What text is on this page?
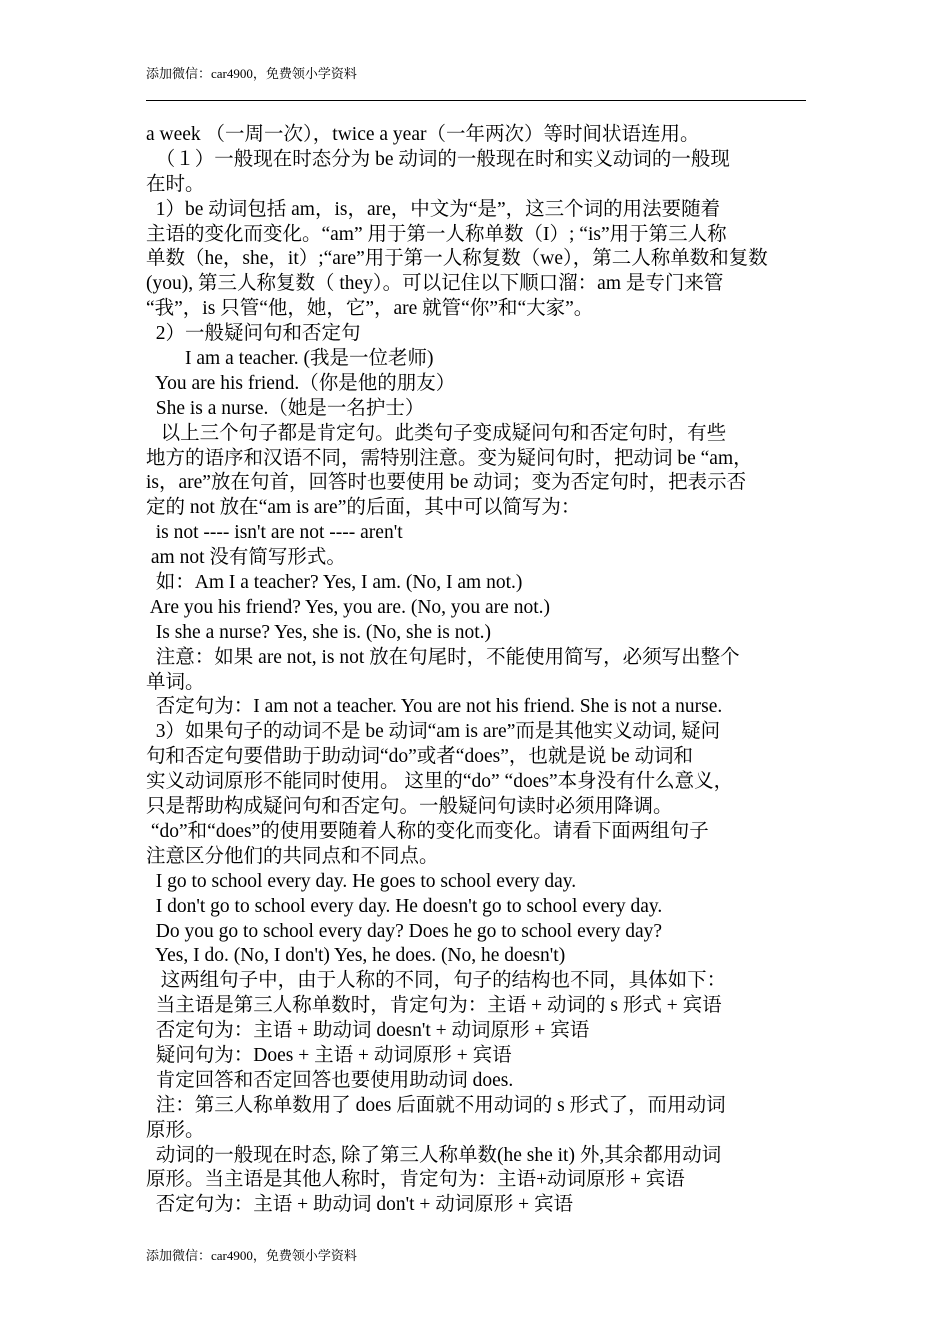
添加微信：car4900，免费领小学资料
a week （一周一次），twice a year（一年两次）等时间状语连用。
（１）一般现在时态分为 be 动词的一般现在时和实义动词的一般现
在时。
1）be 动词包括 am，is，are，中文为“是”，这三个词的用法要随着
主语的变化而变化。“am” 用于第一人称单数（I）; “is”用于第三人称
单数（he，she，it）;“are”用于第一人称复数（we），第二人称单数和复数
(you), 第三人称复数（ they）。可以记住以下顺口溜：am 是专门来管
“我”，is 只管“他，她，它”，are 就管“你”和“大家”。
2）一般疑问句和否定句
I am a teacher. (我是一位老师)
You are his friend.（你是他的朋友）
She is a nurse.（她是一名护士）
以上三个句子都是肯定句。此类句子变成疑问句和否定句时，有些
地方的语序和汉语不同，需特别注意。变为疑问句时，把动词 be “am，
is，are”放在句首，回答时也要使用 be 动词；变为否定句时，把表示否
定的 not 放在“am is are”的后面，其中可以简写为：
is not ---- isn't are not ---- aren't
am not 没有简写形式。
如：Am I a teacher? Yes, I am. (No, I am not.)
Are you his friend? Yes, you are. (No, you are not.)
Is she a nurse? Yes, she is. (No, she is not.)
注意：如果 are not, is not 放在句尾时，不能使用简写，必须写出整个
单词。
否定句为：I am not a teacher. You are not his friend. She is not a nurse.
3）如果句子的动词不是 be 动词“am is are”而是其他实义动词, 疑问
句和否定句要借助于助动词“do”或者“does”，也就是说 be 动词和
实义动词原形不能同时使用。 这里的“do” “does”本身没有什么意义，
只是帮助构成疑问句和否定句。一般疑问句读时必须用降调。
“do”和“does”的使用要随着人称的变化而变化。请看下面两组句子
注意区分他们的共同点和不同点。
I go to school every day. He goes to school every day.
I don't go to school every day. He doesn't go to school every day.
Do you go to school every day? Does he go to school every day?
Yes, I do. (No, I don't) Yes, he does. (No, he doesn't)
这两组句子中，由于人称的不同，句子的结构也不同，具体如下：
当主语是第三人称单数时，肯定句为：主语 + 动词的 s 形式 + 宾语
否定句为：主语 + 助动词 doesn't + 动词原形 + 宾语
疑问句为：Does + 主语 + 动词原形 + 宾语
肯定回答和否定回答也要使用助动词 does.
注：第三人称单数用了 does 后面就不用动词的 s 形式了，而用动词
原形。
动词的一般现在时态, 除了第三人称单数(he she it) 外,其余都用动词
原形。当主语是其他人称时，肯定句为：主语+动词原形 + 宾语
否定句为：主语 + 助动词 don't + 动词原形 + 宾语
添加微信：car4900，免费领小学资料
